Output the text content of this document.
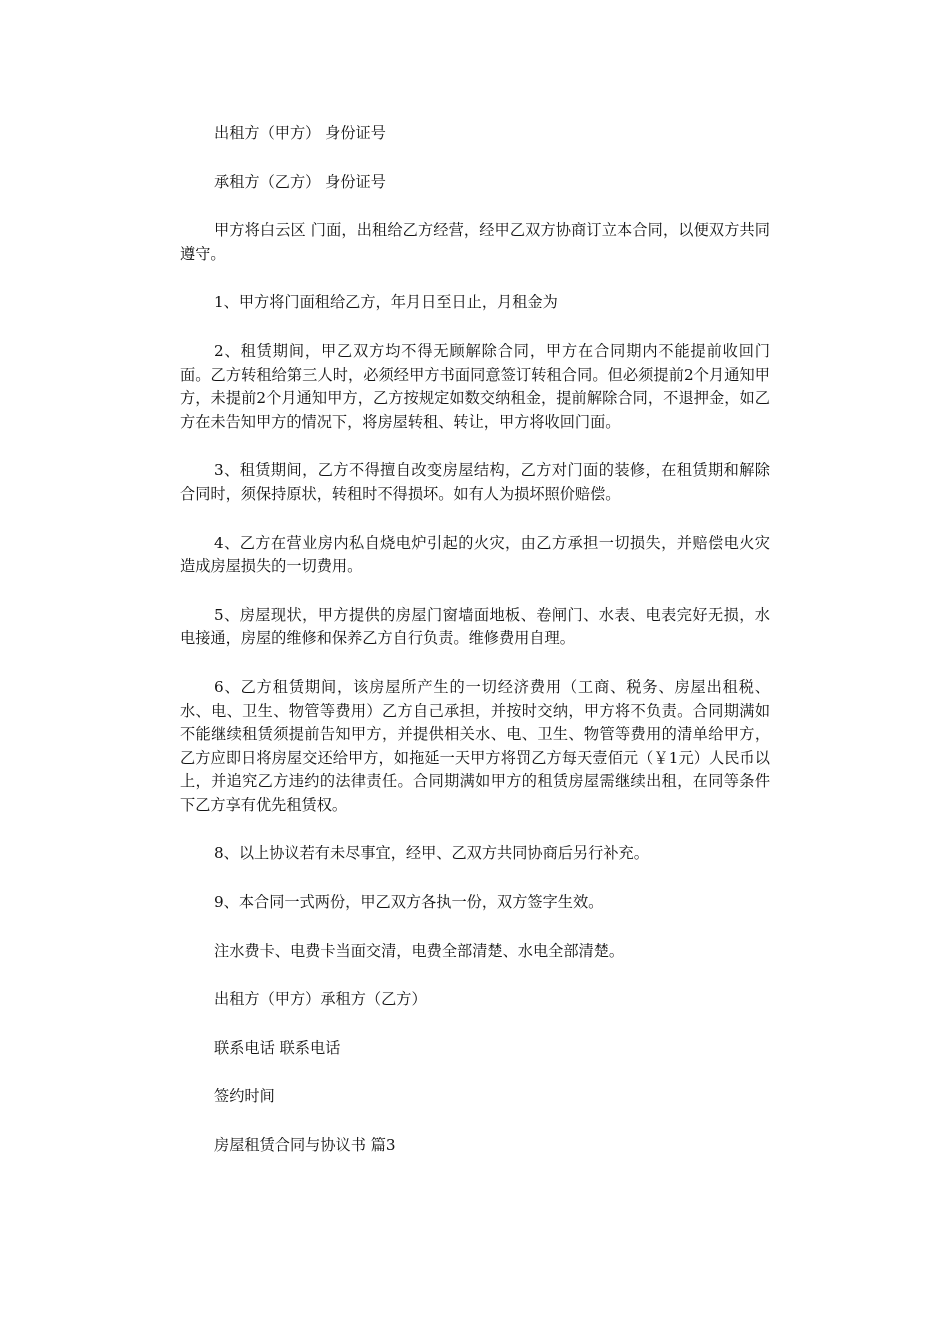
出租方（甲方） 身份证号

承租方（乙方） 身份证号

甲方将白云区 门面，出租给乙方经营，经甲乙双方协商订立本合同，以便双方共同遵守。

1、甲方将门面租给乙方，年月日至日止，月租金为

2、租赁期间，甲乙双方均不得无顾解除合同，甲方在合同期内不能提前收回门面。乙方转租给第三人时，必须经甲方书面同意签订转租合同。但必须提前2个月通知甲方，未提前2个月通知甲方，乙方按规定如数交纳租金，提前解除合同，不退押金，如乙方在未告知甲方的情况下，将房屋转租、转让，甲方将收回门面。

3、租赁期间，乙方不得擅自改变房屋结构，乙方对门面的装修，在租赁期和解除合同时，须保持原状，转租时不得损坏。如有人为损坏照价赔偿。

4、乙方在营业房内私自烧电炉引起的火灾，由乙方承担一切损失，并赔偿电火灾造成房屋损失的一切费用。

5、房屋现状，甲方提供的房屋门窗墙面地板、卷闸门、水表、电表完好无损，水电接通，房屋的维修和保养乙方自行负责。维修费用自理。

6、乙方租赁期间，该房屋所产生的一切经济费用（工商、税务、房屋出租税、水、电、卫生、物管等费用）乙方自己承担，并按时交纳，甲方将不负责。合同期满如不能继续租赁须提前告知甲方，并提供相关水、电、卫生、物管等费用的清单给甲方，乙方应即日将房屋交还给甲方，如拖延一天甲方将罚乙方每天壹佰元（￥1元）人民币以上，并追究乙方违约的法律责任。合同期满如甲方的租赁房屋需继续出租，在同等条件下乙方享有优先租赁权。

8、以上协议若有未尽事宜，经甲、乙双方共同协商后另行补充。

9、本合同一式两份，甲乙双方各执一份，双方签字生效。

注水费卡、电费卡当面交清，电费全部清楚、水电全部清楚。

出租方（甲方）承租方（乙方）

联系电话 联系电话

签约时间

房屋租赁合同与协议书 篇3
